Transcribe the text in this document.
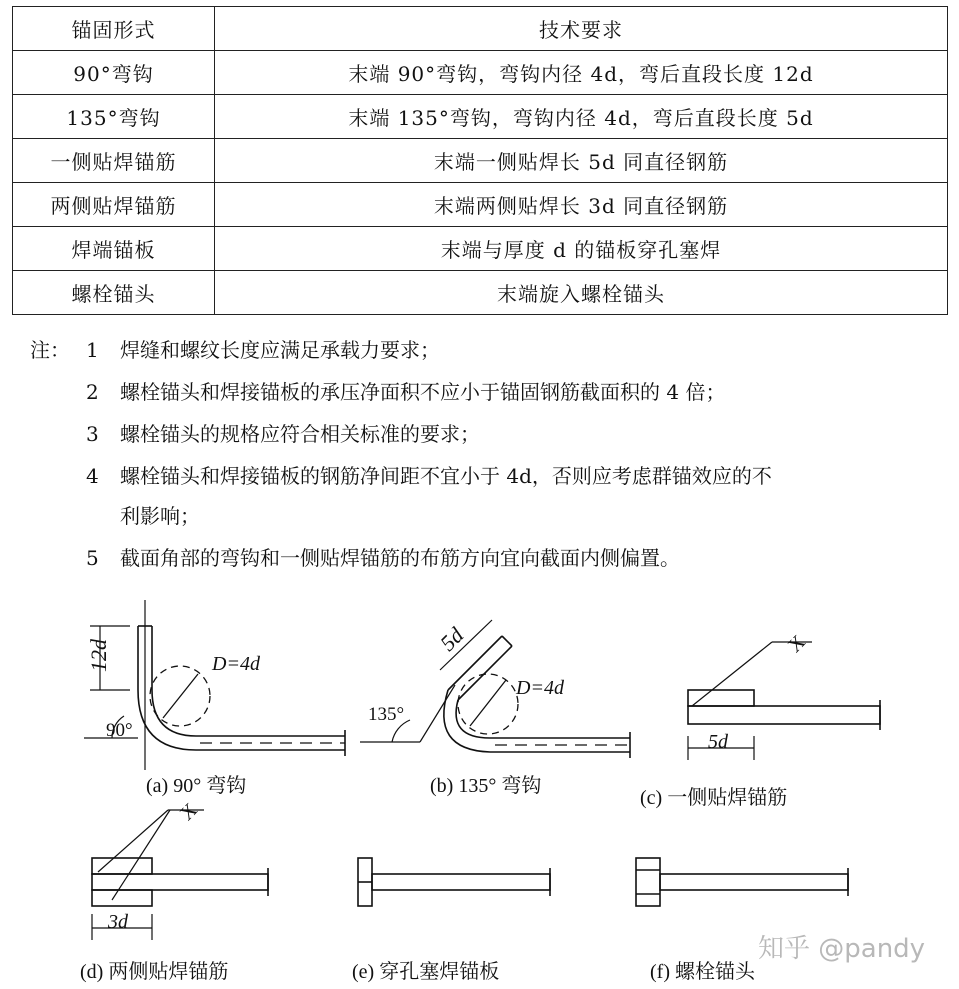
锚固形式	技术要求
90°弯钩	末端 90°弯钩，弯钩内径 4d，弯后直段长度 12d
135°弯钩	末端 135°弯钩，弯钩内径 4d，弯后直段长度 5d
一侧贴焊锚筋	末端一侧贴焊长 5d 同直径钢筋
两侧贴焊锚筋	末端两侧贴焊长 3d 同直径钢筋
焊端锚板	末端与厚度 d 的锚板穿孔塞焊
螺栓锚头	末端旋入螺栓锚头
注： 1 焊缝和螺纹长度应满足承载力要求；
2 螺栓锚头和焊接锚板的承压净面积不应小于锚固钢筋截面积的 4 倍；
3 螺栓锚头的规格应符合相关标准的要求；
4 螺栓锚头和焊接锚板的钢筋净间距不宜小于 4d，否则应考虑群锚效应的不
利影响；
5 截面角部的弯钩和一侧贴焊锚筋的布筋方向宜向截面内侧偏置。
12d	D=4d
90°
5d
D=4d
135°
X
5d
X
3d
(a) 90° 弯钩	(b) 135° 弯钩
(c) 一侧贴焊锚筋
(d) 两侧贴焊锚筋	(e) 穿孔塞焊锚板	(f) 螺栓锚头
知乎 @pandy
